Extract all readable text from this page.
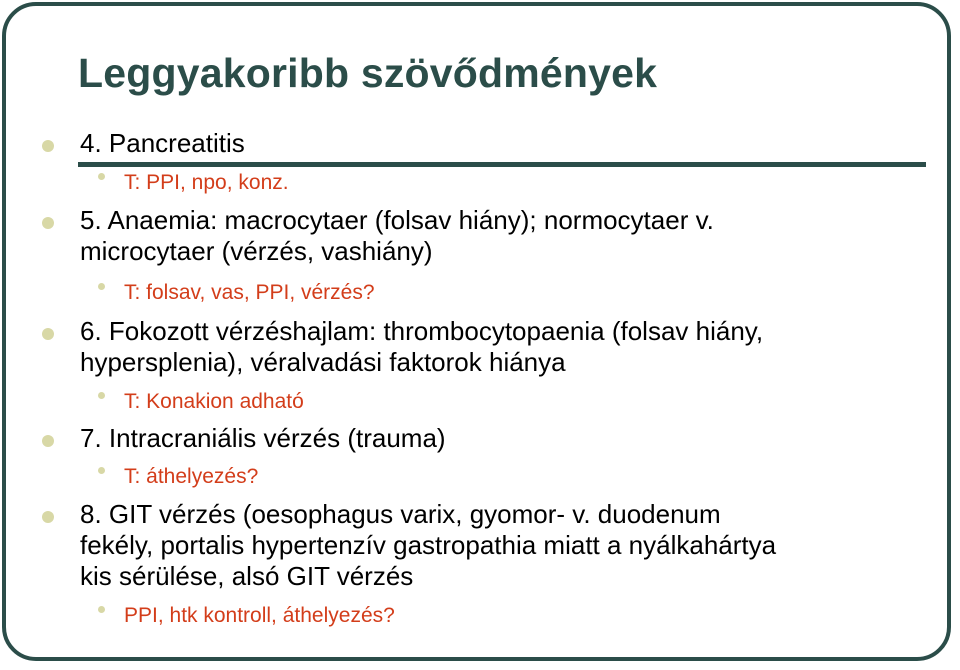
Leggyakoribb szövődmények
4. Pancreatitis
T: PPI, npo, konz.
5. Anaemia: macrocytaer (folsav hiány); normocytaer v.
microcytaer (vérzés, vashiány)
T: folsav, vas, PPI, vérzés?
6. Fokozott vérzéshajlam: thrombocytopaenia (folsav hiány,
hypersplenia), véralvadási faktorok hiánya
T: Konakion adható
7. Intracraniális vérzés (trauma)
T: áthelyezés?
8. GIT vérzés (oesophagus varix, gyomor- v. duodenum
fekély, portalis hypertenzív gastropathia miatt a nyálkahártya
kis sérülése, alsó GIT vérzés
PPI, htk kontroll, áthelyezés?
